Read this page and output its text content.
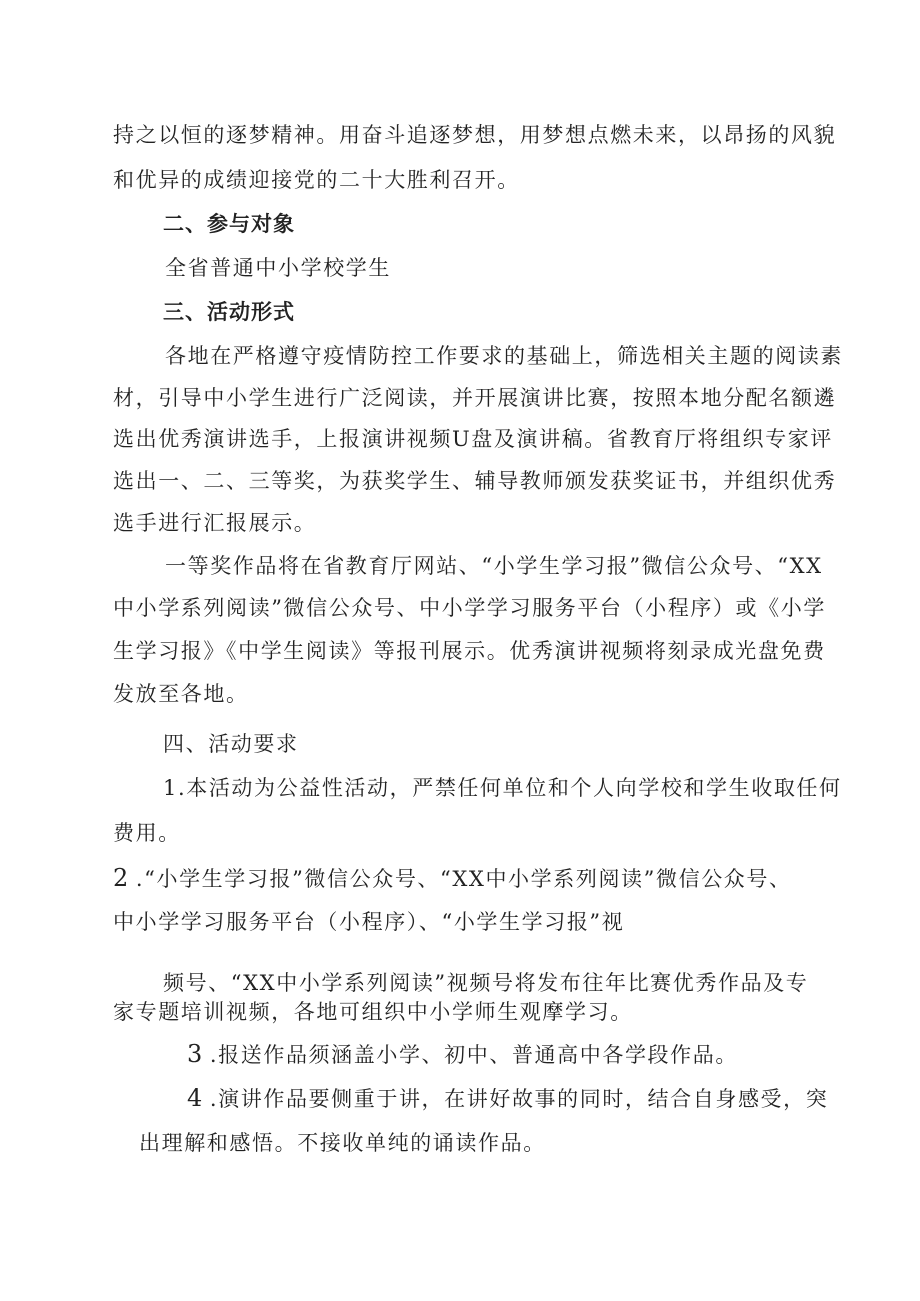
持之以恒的逐梦精神。用奋斗追逐梦想，用梦想点燃未来，以昂扬的风貌
和优异的成绩迎接党的二十大胜利召开。
二、参与对象
全省普通中小学校学生
三、活动形式
各地在严格遵守疫情防控工作要求的基础上，筛选相关主题的阅读素
材，引导中小学生进行广泛阅读，并开展演讲比赛，按照本地分配名额遴
选出优秀演讲选手，上报演讲视频U盘及演讲稿。省教育厅将组织专家评
选出一、二、三等奖，为获奖学生、辅导教师颁发获奖证书，并组织优秀
选手进行汇报展示。
一等奖作品将在省教育厅网站、“小学生学习报”微信公众号、“XX
中小学系列阅读”微信公众号、中小学学习服务平台（小程序）或《小学
生学习报》《中学生阅读》等报刊展示。优秀演讲视频将刻录成光盘免费
发放至各地。
四、活动要求
1.本活动为公益性活动，严禁任何单位和个人向学校和学生收取任何
费用。
2 .“小学生学习报”微信公众号、“XX中小学系列阅读”微信公众号、
中小学学习服务平台（小程序）、“小学生学习报”视
频号、“XX中小学系列阅读”视频号将发布往年比赛优秀作品及专
家专题培训视频，各地可组织中小学师生观摩学习。
3 .报送作品须涵盖小学、初中、普通高中各学段作品。
4 .演讲作品要侧重于讲，在讲好故事的同时，结合自身感受，突
出理解和感悟。不接收单纯的诵读作品。
